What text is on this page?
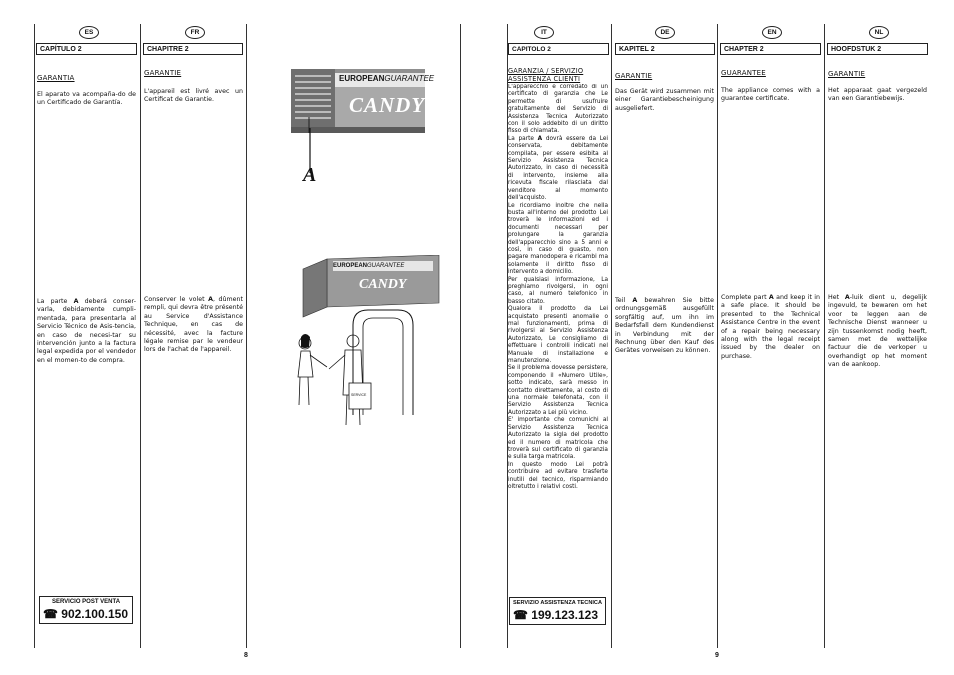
ES
CAPÍTULO 2
GARANTIA

El aparato va acompaña-do de un Certificado de Garantía.

La parte A deberá conser-varla, debidamente cumpli-mentada, para presentarla al Servicio Técnico de Asis-tencia, en caso de necesi-tar su intervención junto a la factura legal expedida por el vendedor en el momen-to de compra.

SERVICIO POST VENTA
☎ 902.100.150
FR
CHAPITRE 2
GARANTIE

L'appareil est livré avec un Certificat de Garantie.

Conserver le volet A, dûment rempli, qui devra être présenté au Service d'Assistance Technique, en cas de nécessité, avec la facture légale remise par le vendeur lors de l'achat de l'appareil.

EUROPEANGUARANTEE
CANDY
A
EUROPEANGUARANTEE
CANDY
SERVICE
8
IT
CAPITOLO 2
GARANZIA / SERVIZIO ASSISTENZA CLIENTI

L'apparecchio è corredato di un certificato di garanzia che Le permette di usufruire gratuitamente del Servizio di Assistenza Tecnica Autorizzato con il solo addebito di un diritto fisso di chiamata.

La parte A dovrà essere da Lei conservata, debitamente compilata, per essere esibita al Servizio Assistenza Tecnica Autorizzato, in caso di necessità di intervento, insieme alla ricevuta fiscale rilasciata dal venditore al momento dell'acquisto.

Le ricordiamo inoltre che nella busta all'interno del prodotto Lei troverà le informazioni ed i documenti necessari per prolungare la garanzia dell'apparecchio sino a 5 anni e così, in caso di guasto, non pagare manodopera e ricambi ma solamente il diritto fisso di intervento a domicilio.

Per qualsiasi informazione, La preghiamo rivolgersi, in ogni caso, al numero telefonico in basso citato.

Qualora il prodotto da Lei acquistato presenti anomalie o mal funzionamenti, prima di rivolgersi al Servizio Assistenza Autorizzato, Le consigliamo di effettuare i controlli indicati nel Manuale di installazione e manutenzione.

Se il problema dovesse persistere, componendo il «Numero Utile», sotto indicato, sarà messo in contatto direttamente, al costo di una normale telefonata, con il Servizio Assistenza Tecnica Autorizzato a Lei più vicino.

E' importante che comunichi al Servizio Assistenza Tecnica Autorizzato la sigla del prodotto ed il numero di matricola che troverà sul certificato di garanzia e sulla targa matricola.

In questo modo Lei potrà contribuire ad evitare trasferte inutili del tecnico, risparmiando oltretutto i relativi costi.

SERVIZIO ASSISTENZA TECNICA
☎ 199.123.123
DE
KAPITEL 2
GARANTIE

Das Gerät wird zusammen mit einer Garantiebescheinigung ausgeliefert.

Teil A bewahren Sie bitte ordnungsgemäß ausgefüllt sorgfältig auf, um ihn im Bedarfsfall dem Kundendienst in Verbindung mit der Rechnung über den Kauf des Gerätes vorweisen zu können.

EN
CHAPTER 2
GUARANTEE

The appliance comes with a guarantee certificate.

Complete part A and keep it in a safe place. It should be presented to the Technical Assistance Centre in the event of a repair being necessary along with the legal receipt issued by the dealer on purchase.

NL
HOOFDSTUK 2
GARANTIE

Het apparaat gaat vergezeld van een Garantiebewijs.

Het A-luik dient u, degelijk ingevuld, te bewaren om het voor te leggen aan de Technische Dienst wanneer u zijn tussenkomst nodig heeft, samen met de wettelijke factuur die de verkoper u overhandigt op het moment van de aankoop.

9
